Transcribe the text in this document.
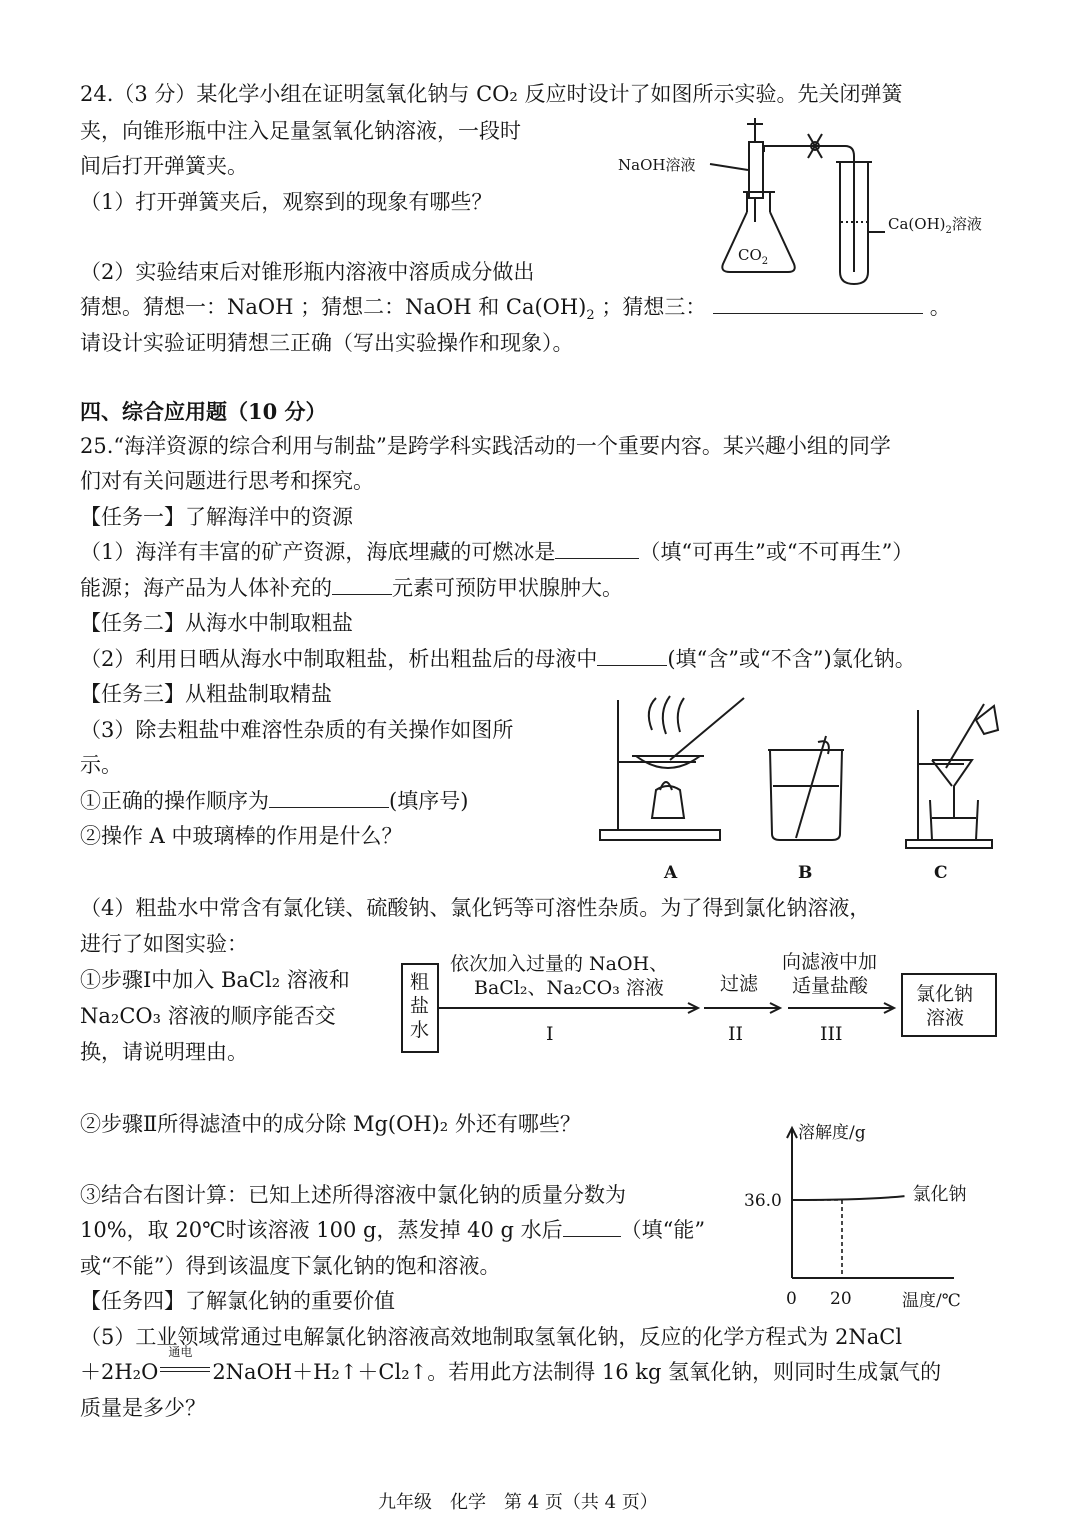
24.（3 分）某化学小组在证明氢氧化钠与 CO₂ 反应时设计了如图所示实验。先关闭弹簧
夹，向锥形瓶中注入足量氢氧化钠溶液，一段时
间后打开弹簧夹。
（1）打开弹簧夹后，观察到的现象有哪些？
（2）实验结束后对锥形瓶内溶液中溶质成分做出
猜想。猜想一：NaOH ；猜想二：NaOH 和 $Ca(OH)_2$ ；猜想三：	。
请设计实验证明猜想三正确（写出实验操作和现象）。
NaOH溶液
$CO_2$
$Ca(OH)_2$溶液
四、综合应用题（10 分）
25.“海洋资源的综合利用与制盐”是跨学科实践活动的一个重要内容。某兴趣小组的同学
们对有关问题进行思考和探究。
【任务一】了解海洋中的资源
（1）海洋有丰富的矿产资源，海底埋藏的可燃冰是	（填“可再生”或“不可再生”）
能源；海产品为人体补充的	元素可预防甲状腺肿大。
【任务二】从海水中制取粗盐
（2）利用日晒从海水中制取粗盐，析出粗盐后的母液中	(填“含”或“不含”)氯化钠。
【任务三】从粗盐制取精盐
（3）除去粗盐中难溶性杂质的有关操作如图所
示。
①正确的操作顺序为	(填序号)
②操作 A 中玻璃棒的作用是什么？
A	B	C
（4）粗盐水中常含有氯化镁、硫酸钠、氯化钙等可溶性杂质。为了得到氯化钠溶液，
进行了如图实验：
①步骤Ⅰ中加入 BaCl₂ 溶液和
Na₂CO₃ 溶液的顺序能否交
换，请说明理由。
粗
盐
水
依次加入过量的 NaOH、
BaCl₂、Na₂CO₃ 溶液
I
过滤
II
向滤液中加
适量盐酸
III
氯化钠
溶液
②步骤Ⅱ所得滤渣中的成分除 Mg(OH)₂ 外还有哪些？
③结合右图计算：已知上述所得溶液中氯化钠的质量分数为
10%，取 20℃时该溶液 100 g，蒸发掉 40 g 水后	（填“能”
或“不能”）得到该温度下氯化钠的饱和溶液。
溶解度/g
温度/℃
0 20
36.0	氯化钠
【任务四】了解氯化钠的重要价值
（5）工业领域常通过电解氯化钠溶液高效地制取氢氧化钠，反应的化学方程式为 2NaCl
＋2H₂O
通电
2NaOH＋H₂↑＋Cl₂↑。若用此方法制得 16 kg 氢氧化钠，则同时生成氯气的
质量是多少？
九年级　化学　第 4 页（共 4 页）
